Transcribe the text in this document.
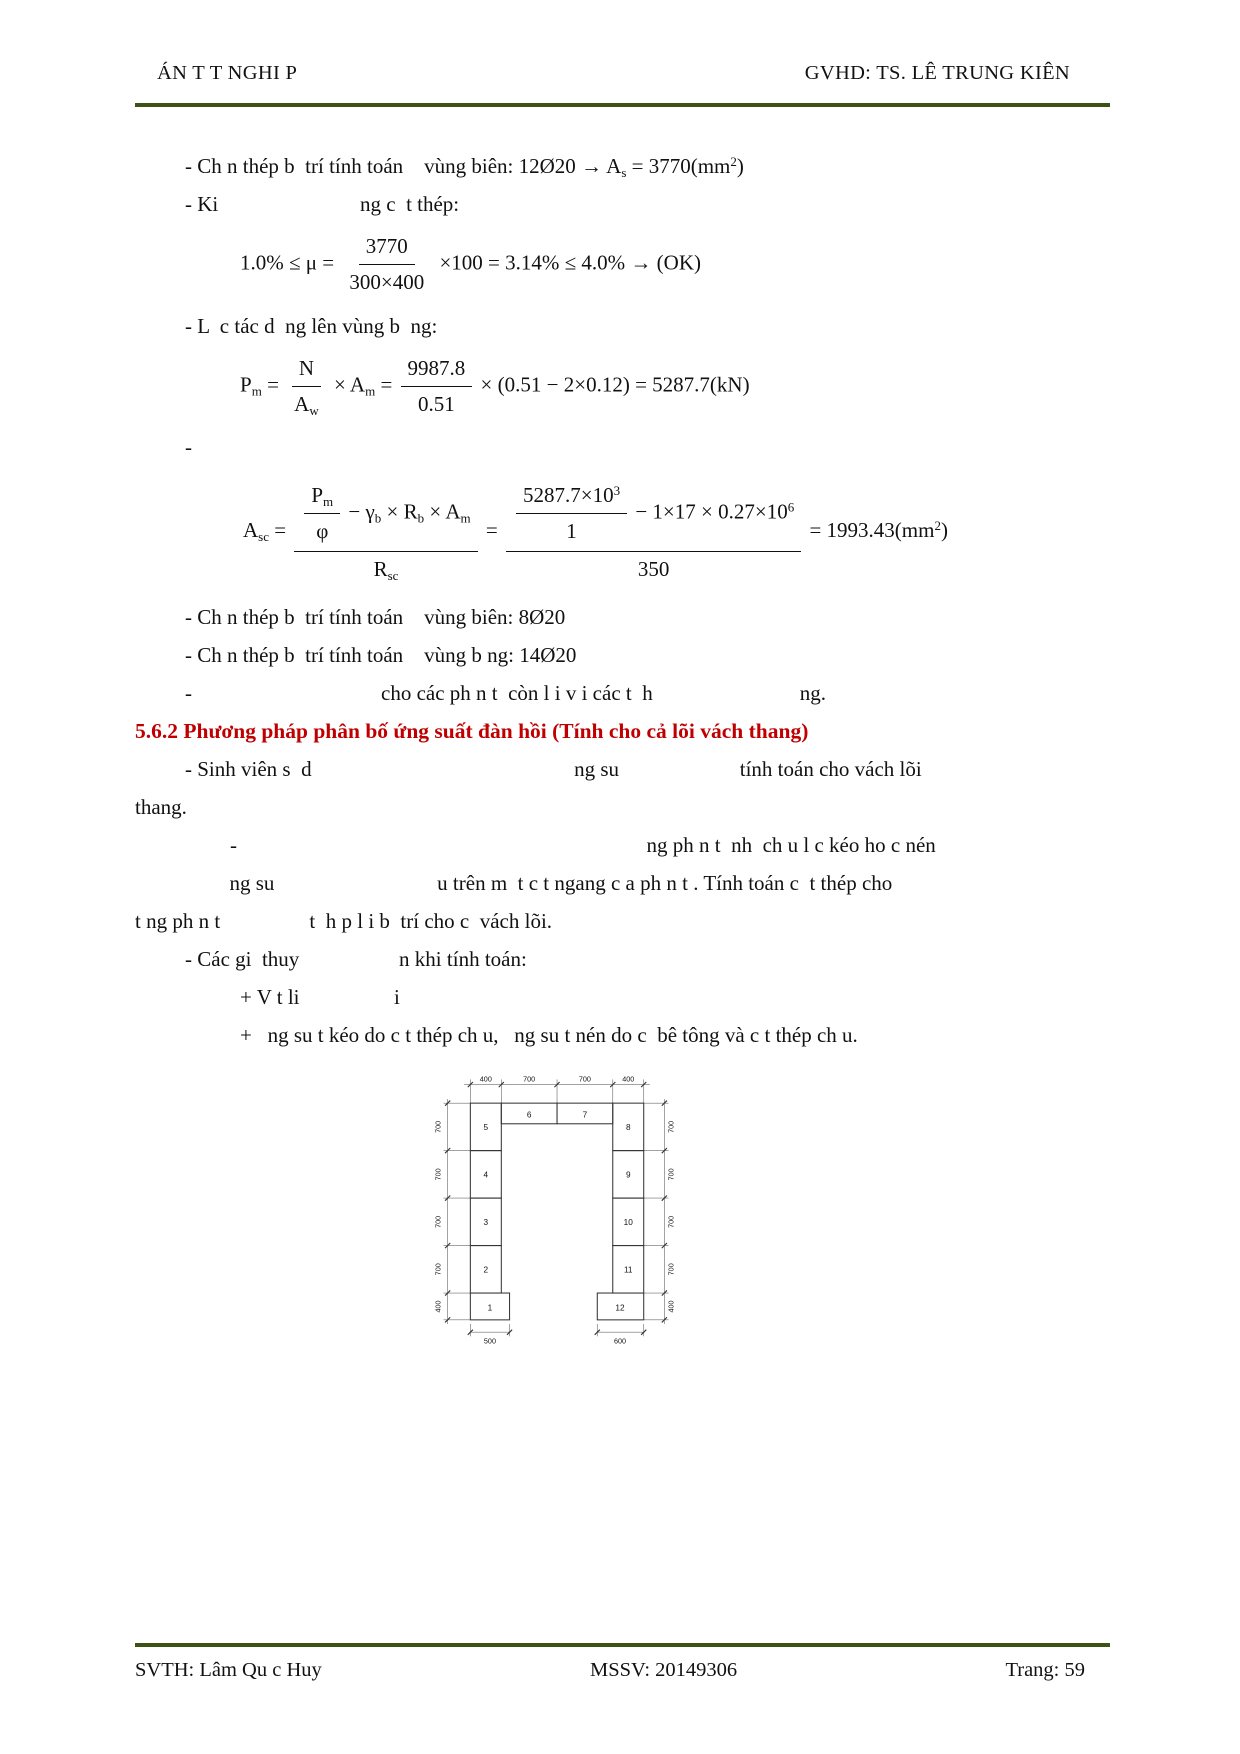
ÁN T T NGHI P	GVHD: TS. LÊ TRUNG KIÊN

- Ch n thép b  trí tính toán    vùng biên: 12Ø20 → $A_s = 3770(mm^2)$

- Ki                           ng c  t thép:

$1.0\% \le \mu = \frac{3770}{300\times 400} \times 100 = 3.14\% \le 4.0\% \to (OK)$

- L  c tác d  ng lên vùng b  ng:

$P_m = \frac{N}{A_w} \times A_m = \frac{9987.8}{0.51} \times (0.51 - 2\times 0.12) = 5287.7(kN)$

-

$A_{sc} = \frac{\frac{P_m}{\varphi} - \gamma_b \times R_b \times A_m}{R_{sc}} = \frac{\frac{5287.7\times 10^3}{1} - 1\times 17 \times 0.27\times 10^6}{350} = 1993.43(mm^2)$

- Ch n thép b  trí tính toán    vùng biên: 8Ø20

- Ch n thép b  trí tính toán    vùng b ng: 14Ø20

-                                    cho các ph n t  còn l i v i các t  h                            ng.

5.6.2 Phương pháp phân bố ứng suất đàn hồi (Tính cho cả lõi vách thang)

- Sinh viên s  d                                                  ng su                       tính toán cho vách lõi

thang.

-                                                                              ng ph n t  nh  ch u l c kéo ho c nén

ng su                               u trên m  t c t ngang c a ph n t . Tính toán c  t thép cho

t ng ph n t                 t  h p l i b  trí cho c  vách lõi.

- Các gi  thuy                   n khi tính toán:

+ V t li                  i

+   ng su t kéo do c t thép ch u,   ng su t nén do c  bê tông và c t thép ch u.

5
4
3
2
1
6	7
8
9
10
11
12
400	700	700	400
700
700
700
700
400
700
700
700
700
400
500	600
SVTH: Lâm Qu c Huy	MSSV: 20149306	Trang: 59
